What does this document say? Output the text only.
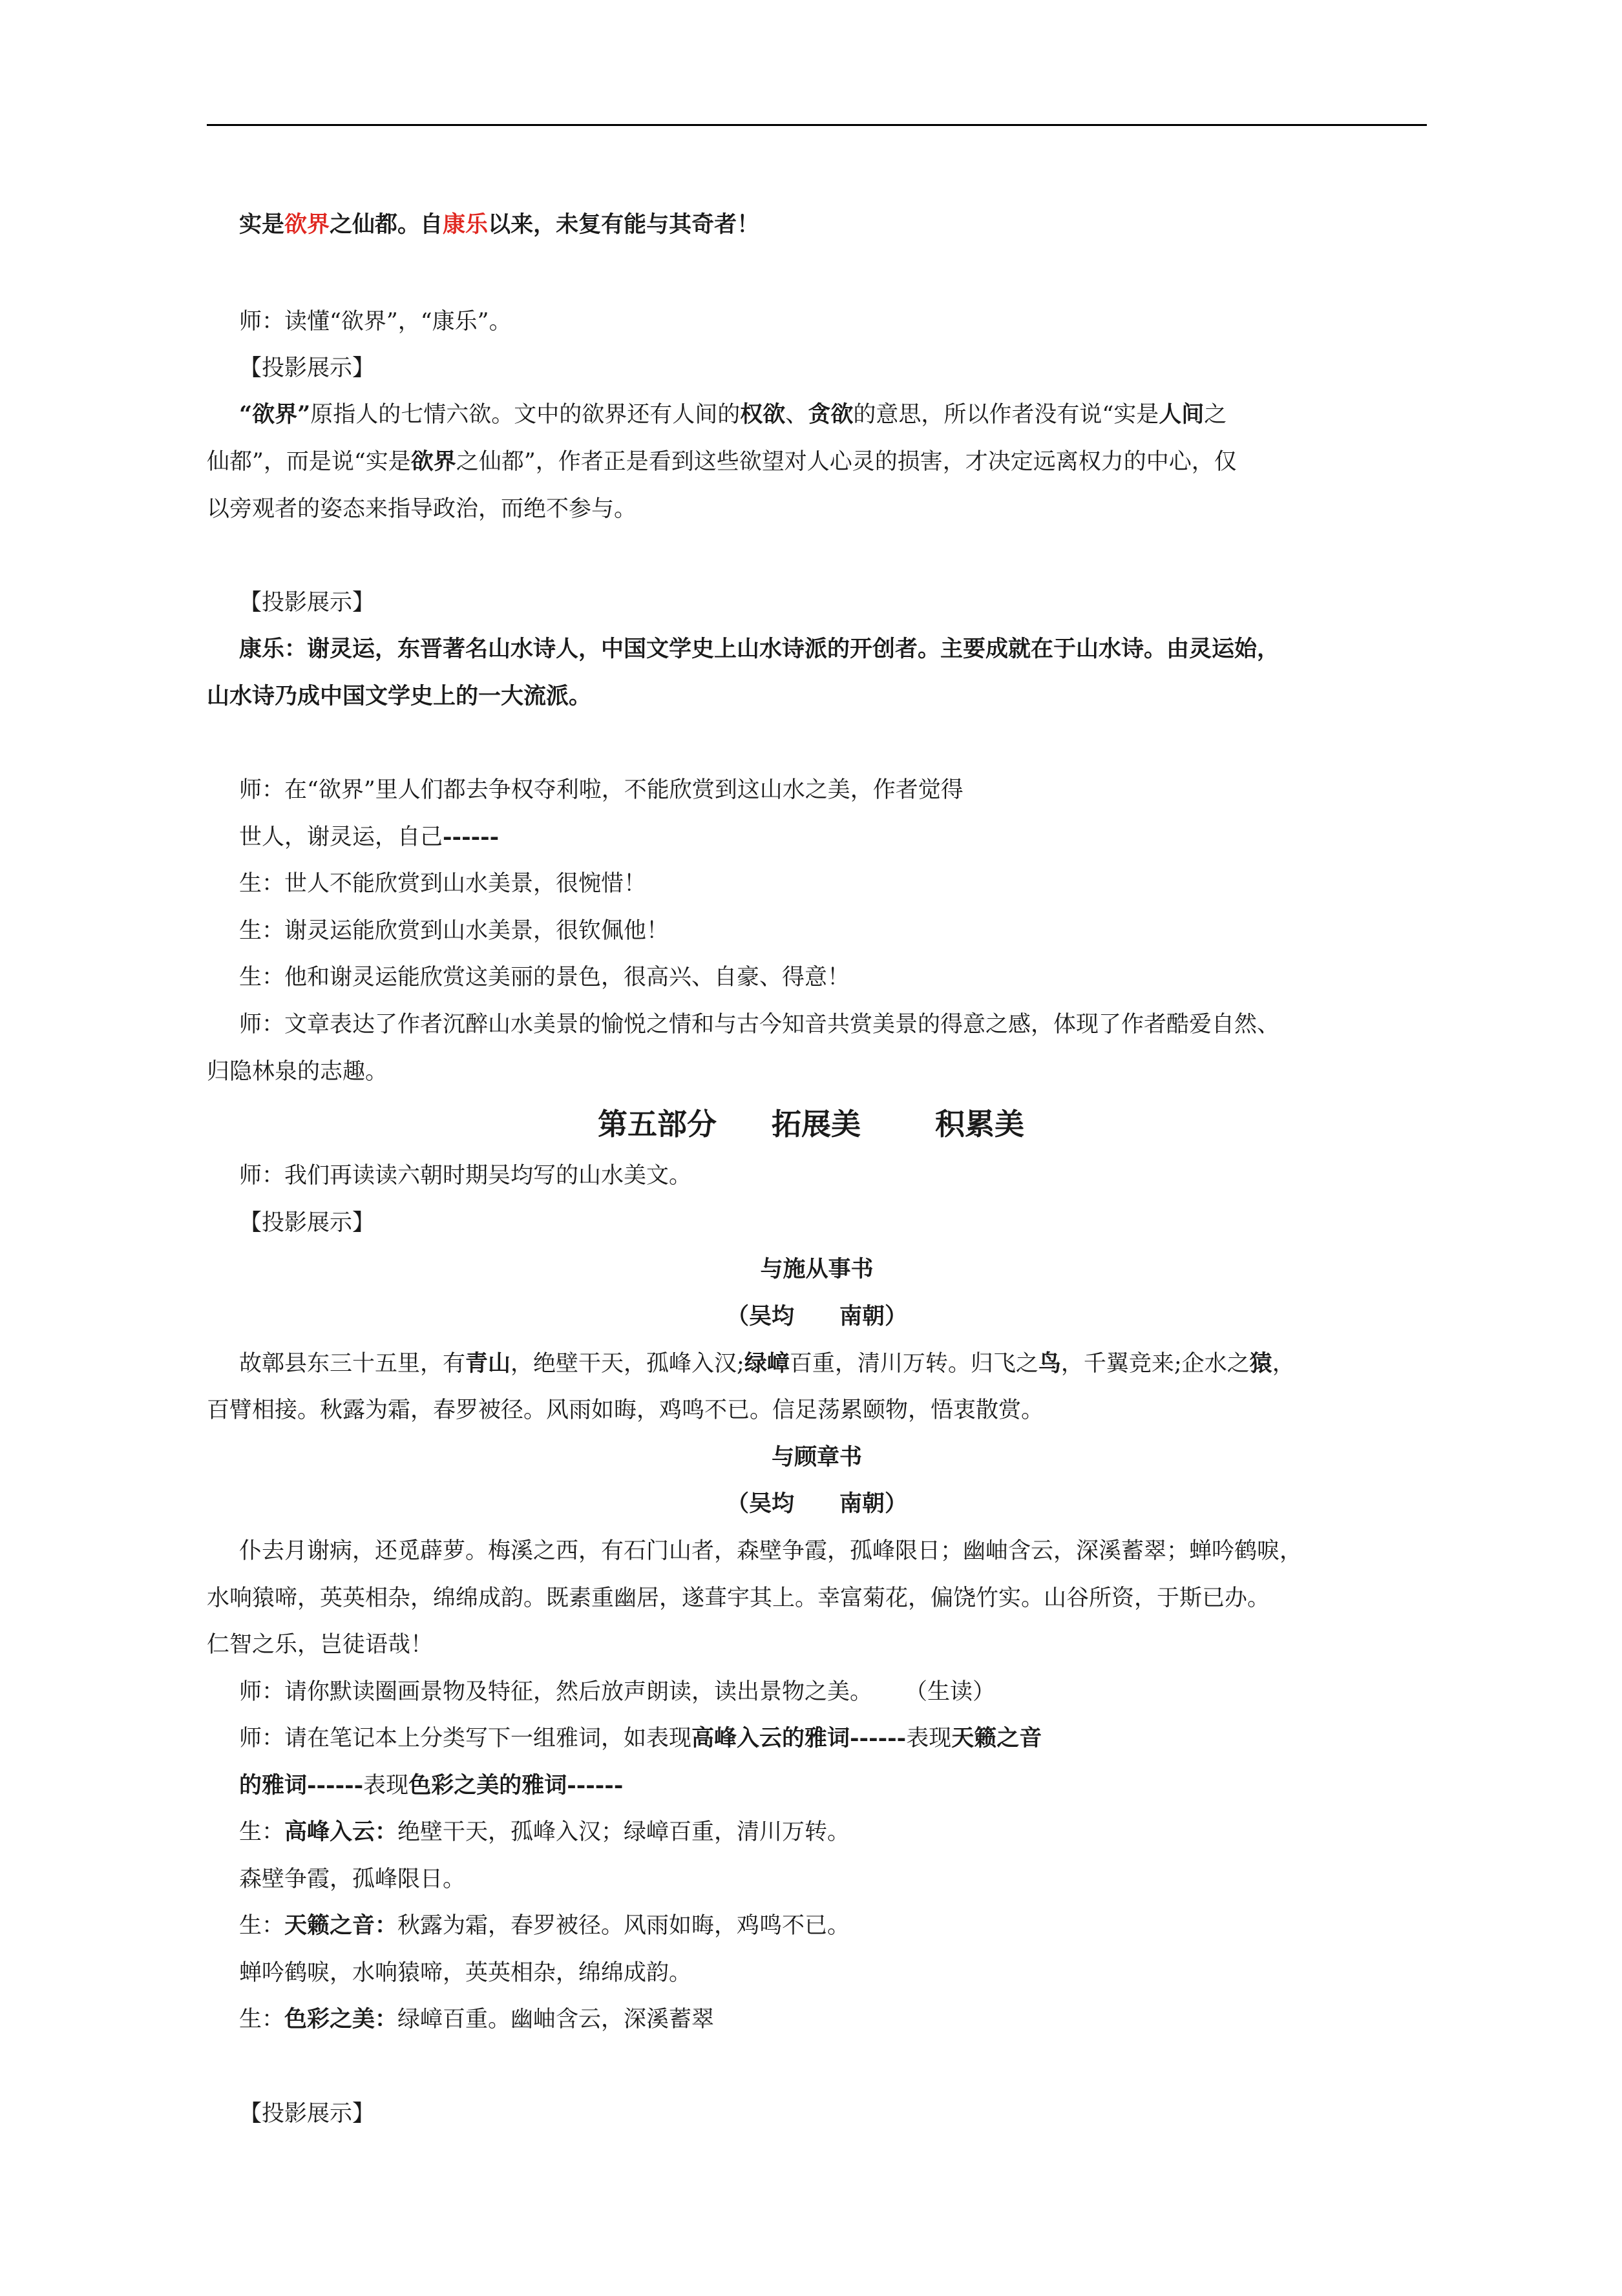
实是欲界之仙都。自康乐以来，未复有能与其奇者！
师：读懂“欲界”，“康乐”。
【投影展示】
“欲界”原指人的七情六欲。文中的欲界还有人间的权欲、贪欲的意思，所以作者没有说“实是人间之
仙都”，而是说“实是欲界之仙都”，作者正是看到这些欲望对人心灵的损害，才决定远离权力的中心，仅
以旁观者的姿态来指导政治，而绝不参与。
【投影展示】
康乐：谢灵运，东晋著名山水诗人，中国文学史上山水诗派的开创者。主要成就在于山水诗。由灵运始，
山水诗乃成中国文学史上的一大流派。
师：在“欲界”里人们都去争权夺利啦，不能欣赏到这山水之美，作者觉得
世人，谢灵运，自己------
生：世人不能欣赏到山水美景，很惋惜！
生：谢灵运能欣赏到山水美景，很钦佩他！
生：他和谢灵运能欣赏这美丽的景色，很高兴、自豪、得意！
师：文章表达了作者沉醉山水美景的愉悦之情和与古今知音共赏美景的得意之感，体现了作者酷爱自然、
归隐林泉的志趣。
第五部分 拓展美	积累美
师：我们再读读六朝时期吴均写的山水美文。
【投影展示】
与施从事书
（吴均 南朝）
故鄣县东三十五里，有青山，绝壁干天，孤峰入汉;绿嶂百重，清川万转。归飞之鸟，千翼竞来;企水之猿，
百臂相接。秋露为霜，春罗被径。风雨如晦，鸡鸣不已。信足荡累颐物，悟衷散赏。
与顾章书
（吴均 南朝）
仆去月谢病，还觅薜萝。梅溪之西，有石门山者，森壁争霞，孤峰限日；幽岫含云，深溪蓄翠；蝉吟鹤唳，
水响猿啼，英英相杂，绵绵成韵。既素重幽居，遂葺宇其上。幸富菊花，偏饶竹实。山谷所资，于斯已办。
仁智之乐，岂徒语哉！
师：请你默读圈画景物及特征，然后放声朗读，读出景物之美。 （生读）
师：请在笔记本上分类写下一组雅词，如表现高峰入云的雅词------表现天籁之音
的雅词------表现色彩之美的雅词------
生：高峰入云：绝壁干天，孤峰入汉；绿嶂百重，清川万转。
森壁争霞，孤峰限日。
生：天籁之音：秋露为霜，春罗被径。风雨如晦，鸡鸣不已。
蝉吟鹤唳，水响猿啼，英英相杂，绵绵成韵。
生：色彩之美：绿嶂百重。幽岫含云，深溪蓄翠
【投影展示】
